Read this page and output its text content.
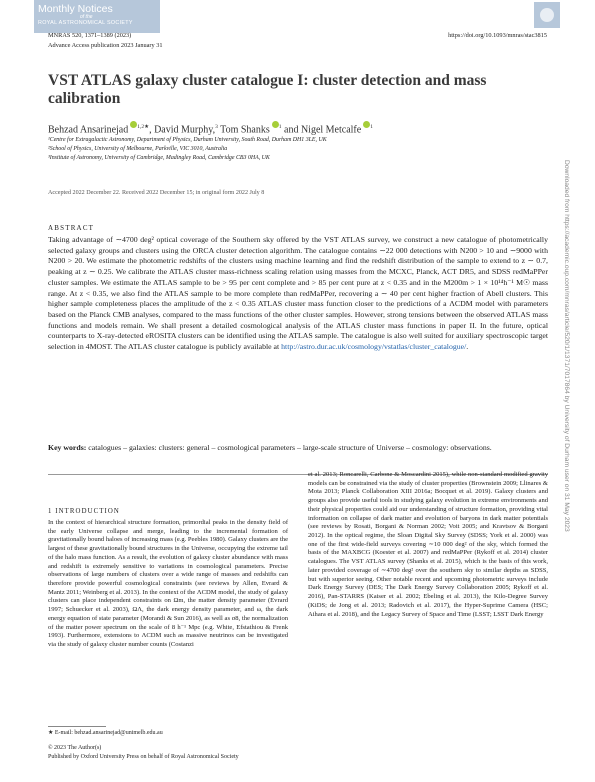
Monthly Notices
of the
ROYAL ASTRONOMICAL SOCIETY
MNRAS 520, 1371–1389 (2023)	https://doi.org/10.1093/mnras/stac3815
Advance Access publication 2023 January 31
VST ATLAS galaxy cluster catalogue I: cluster detection and mass calibration
Behzad Ansarinejad $^{1,2★}$, David Murphy,$^3$ Tom Shanks $^1$ and Nigel Metcalfe $^1$
¹Centre for Extragalactic Astronomy, Department of Physics, Durham University, South Road, Durham DH1 3LE, UK
²School of Physics, University of Melbourne, Parkville, VIC 3010, Australia
³Institute of Astronomy, University of Cambridge, Madingley Road, Cambridge CB3 0HA, UK
Accepted 2022 December 22. Received 2022 December 15; in original form 2022 July 8
ABSTRACT
Taking advantage of ∼4700 deg² optical coverage of the Southern sky offered by the VST ATLAS survey, we construct a new catalogue of photometrically selected galaxy groups and clusters using the ORCA cluster detection algorithm. The catalogue contains ∼22 000 detections with N200 > 10 and ∼9000 with N200 > 20. We estimate the photometric redshifts of the clusters using machine learning and find the redshift distribution of the sample to extend to z ∼ 0.7, peaking at z ∼ 0.25. We calibrate the ATLAS cluster mass-richness scaling relation using masses from the MCXC, Planck, ACT DR5, and SDSS redMaPPer cluster samples. We estimate the ATLAS sample to be > 95 per cent complete and > 85 per cent pure at z < 0.35 and in the M200m > 1 × 10¹⁴h⁻¹ M☉ mass range. At z < 0.35, we also find the ATLAS sample to be more complete than redMaPPer, recovering a ∼ 40 per cent higher fraction of Abell clusters. This higher sample completeness places the amplitude of the z < 0.35 ATLAS cluster mass function closer to the predictions of a ΛCDM model with parameters based on the Planck CMB analyses, compared to the mass functions of the other cluster samples. However, strong tensions between the observed ATLAS mass functions and models remain. We shall present a detailed cosmological analysis of the ATLAS cluster mass functions in paper II. In the future, optical counterparts to X-ray-detected eROSITA clusters can be identified using the ATLAS sample. The catalogue is also well suited for auxiliary spectroscopic target selection in 4MOST. The ATLAS cluster catalogue is publicly available at http://astro.dur.ac.uk/cosmology/vstatlas/cluster_catalogue/.
Key words: catalogues – galaxies: clusters: general – cosmological parameters – large-scale structure of Universe – cosmology: observations.
1 INTRODUCTION
In the context of hierarchical structure formation, primordial peaks in the density field of the early Universe collapse and merge, leading to the incremental formation of gravitationally bound haloes of increasing mass (e.g. Peebles 1980). Galaxy clusters are the largest of these gravitationally bound structures in the Universe, occupying the extreme tail of the halo mass function. As a result, the evolution of galaxy cluster abundance with mass and redshift is extremely sensitive to variations in cosmological parameters. Precise observations of large numbers of clusters over a wide range of masses and redshifts can therefore provide powerful cosmological constraints (see reviews by Allen, Evrard & Mantz 2011; Weinberg et al. 2013). In the context of the ΛCDM model, the study of galaxy clusters can place independent constraints on Ωm, the matter density parameter (Evrard 1997; Schuecker et al. 2003), ΩΛ, the dark energy density parameter, and ω, the dark energy equation of state parameter (Morandi & Sun 2016), as well as σ8, the normalization of the matter power spectrum on the scale of 8 h⁻¹ Mpc (e.g. White, Efstathiou & Frenk 1993). Furthermore, extensions to ΛCDM such as massive neutrinos can be investigated via the study of galaxy cluster number counts (Costanzi
et al. 2013; Roncarelli, Carbone & Moscardini 2015), while non-standard modified gravity models can be constrained via the study of cluster properties (Brownstein 2009; Llinares & Mota 2013; Planck Collaboration XIII 2016a; Bocquet et al. 2019). Galaxy clusters and groups also provide useful tools in studying galaxy evolution in extreme environments and their physical properties could aid our understanding of structure formation, providing vital information on collapse of dark matter and evolution of baryons in dark matter potentials (see reviews by Rosati, Borgani & Norman 2002; Voit 2005; and Kravtsov & Borgani 2012). In the optical regime, the Sloan Digital Sky Survey (SDSS; York et al. 2000) was one of the first wide-field surveys covering ∼10 000 deg² of the sky, which formed the basis of the MAXBCG (Koester et al. 2007) and redMaPPer (Rykoff et al. 2014) cluster catalogues. The VST ATLAS survey (Shanks et al. 2015), which is the basis of this work, later provided coverage of ∼4700 deg² over the southern sky to similar depths as SDSS, but with superior seeing. Other notable recent and upcoming photometric surveys include Dark Energy Survey (DES; The Dark Energy Survey Collaboration 2005; Rykoff et al. 2016), Pan-STARRS (Kaiser et al. 2002; Ebeling et al. 2013), the Kilo-Degree Survey (KiDS; de Jong et al. 2013; Radovich et al. 2017), the Hyper-Suprime Camera (HSC; Aihara et al. 2018), and the Legacy Survey of Space and Time (LSST; LSST Dark Energy
★ E-mail: behzad.ansarinejad@unimelb.edu.au
© 2023 The Author(s)
Published by Oxford University Press on behalf of Royal Astronomical Society
Downloaded from https://academic.oup.com/mnras/article/520/1/1371/7017864 by University of Durham user on 31 May 2023
